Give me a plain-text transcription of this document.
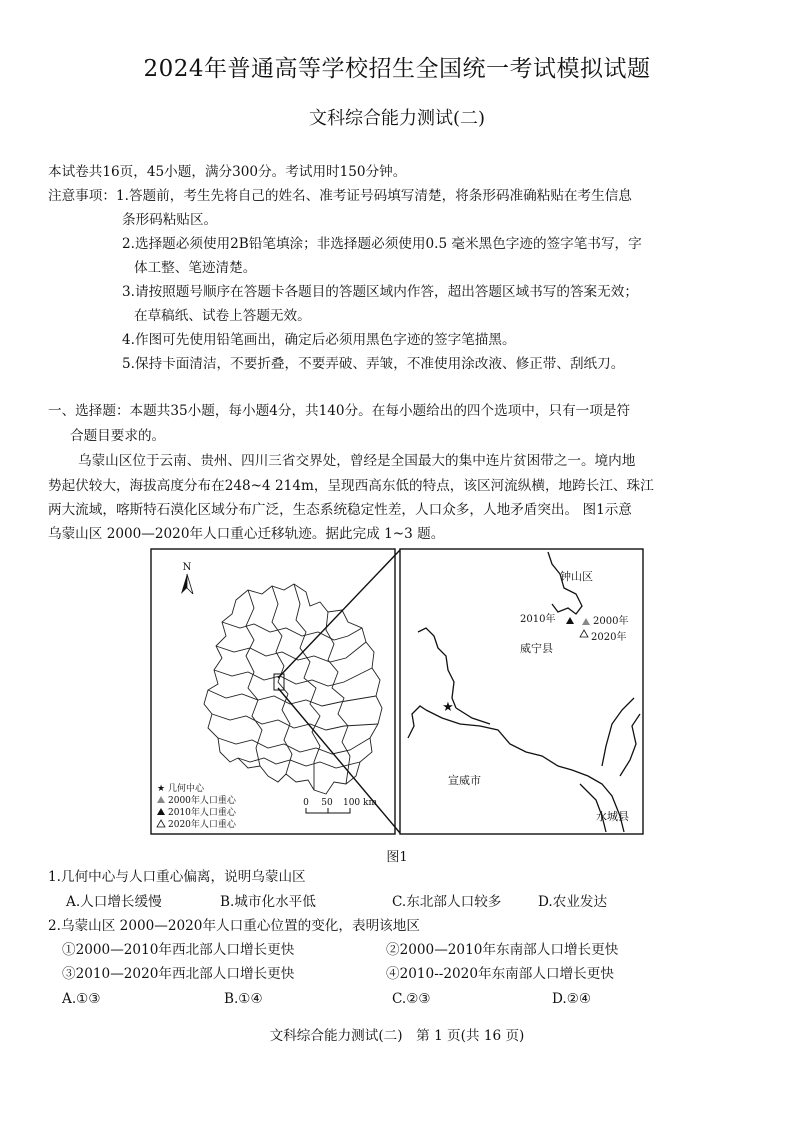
2024年普通高等学校招生全国统一考试模拟试题
文科综合能力测试(二)
本试卷共16页，45小题，满分300分。考试用时150分钟。
注意事项：1.答题前，考生先将自己的姓名、准考证号码填写清楚，将条形码准确粘贴在考生信息
条形码粘贴区。
2.选择题必须使用2B铅笔填涂；非选择题必须使用0.5 毫米黑色字迹的签字笔书写，字
体工整、笔迹清楚。
3.请按照题号顺序在答题卡各题目的答题区域内作答，超出答题区域书写的答案无效；
在草稿纸、试卷上答题无效。
4.作图可先使用铅笔画出，确定后必须用黑色字迹的签字笔描黑。
5.保持卡面清洁，不要折叠，不要弄破、弄皱，不准使用涂改液、修正带、刮纸刀。
一、选择题：本题共35小题，每小题4分，共140分。在每小题给出的四个选项中，只有一项是符
合题目要求的。
乌蒙山区位于云南、贵州、四川三省交界处，曾经是全国最大的集中连片贫困带之一。境内地
势起伏较大，海拔高度分布在248~4 214m，呈现西高东低的特点，该区河流纵横，地跨长江、珠江
两大流域，喀斯特石漠化区域分布广泛，生态系统稳定性差，人口众多，人地矛盾突出。 图1示意
乌蒙山区 2000—2020年人口重心迁移轨迹。据此完成 1~3 题。
N
★ 几何中心
2000年人口重心
2010年人口重心
2020年人口重心
0 50 100 km
钟山区
威宁县
宣威市
水城县
2010年	2000年
2020年
★
图1
1.几何中心与人口重心偏离，说明乌蒙山区
A.人口增长缓慢	B.城市化水平低	C.东北部人口较多	D.农业发达
2.乌蒙山区 2000—2020年人口重心位置的变化，表明该地区
①2000—2010年西北部人口增长更快	②2000—2010年东南部人口增长更快
③2010—2020年西北部人口增长更快	④2010--2020年东南部人口增长更快
A.①③	B.①④	C.②③	D.②④
文科综合能力测试(二)　第 1 页(共 16 页)
